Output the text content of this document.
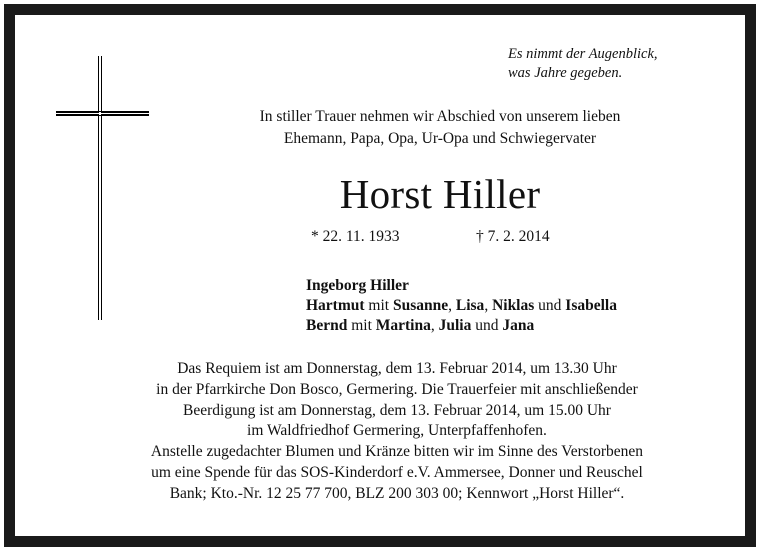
Es nimmt der Augenblick,
was Jahre gegeben.
In stiller Trauer nehmen wir Abschied von unserem lieben
Ehemann, Papa, Opa, Ur-Opa und Schwiegervater
Horst Hiller
* 22. 11. 1933	† 7. 2. 2014
Ingeborg Hiller
Hartmut mit Susanne, Lisa, Niklas und Isabella
Bernd mit Martina, Julia und Jana
Das Requiem ist am Donnerstag, dem 13. Februar 2014, um 13.30 Uhr
in der Pfarrkirche Don Bosco, Germering. Die Trauerfeier mit anschließender
Beerdigung ist am Donnerstag, dem 13. Februar 2014, um 15.00 Uhr
im Waldfriedhof Germering, Unterpfaffenhofen.
Anstelle zugedachter Blumen und Kränze bitten wir im Sinne des Verstorbenen
um eine Spende für das SOS-Kinderdorf e.V. Ammersee, Donner und Reuschel
Bank; Kto.-Nr. 12 25 77 700, BLZ 200 303 00; Kennwort „Horst Hiller“.
